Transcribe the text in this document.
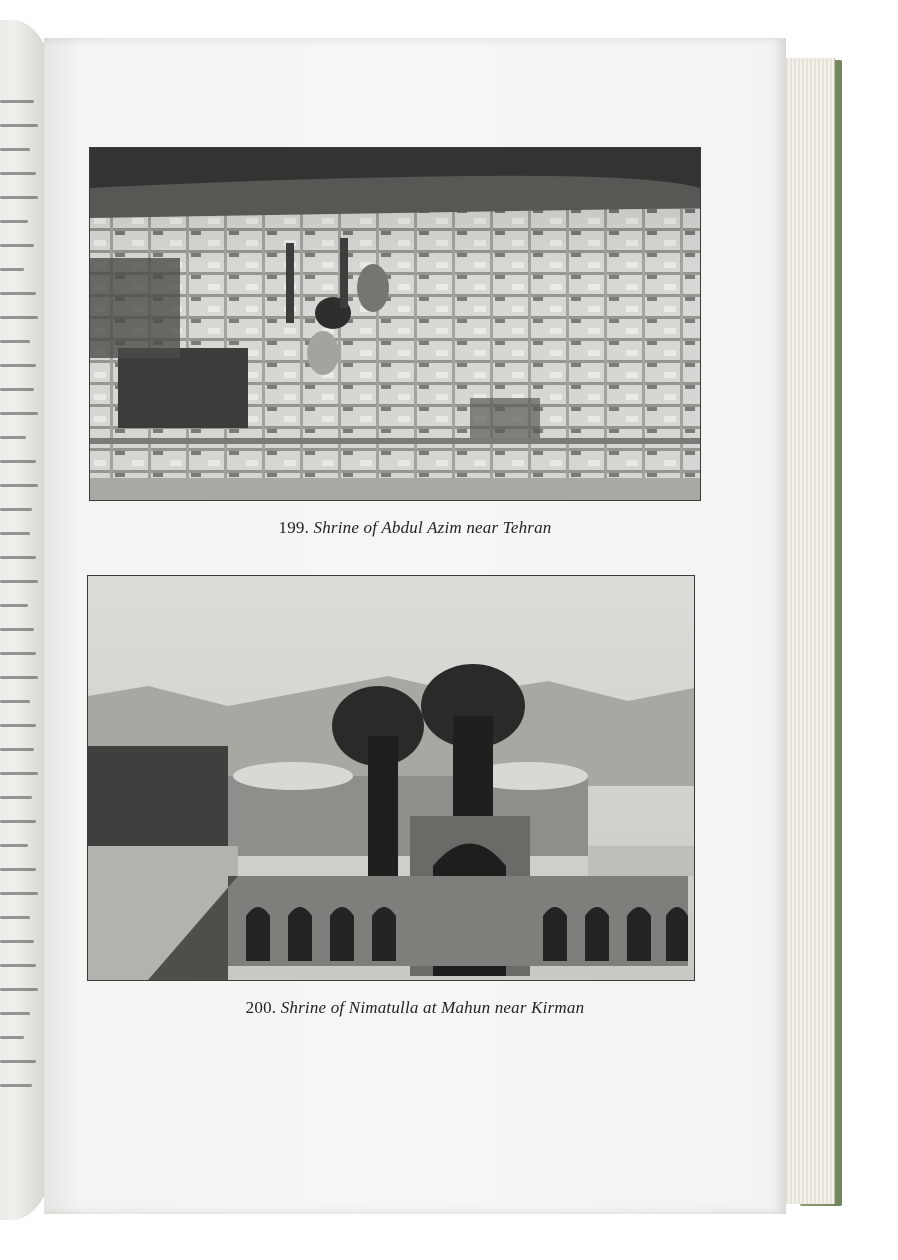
199. Shrine of Abdul Azim near Tehran
200. Shrine of Nimatulla at Mahun near Kirman
